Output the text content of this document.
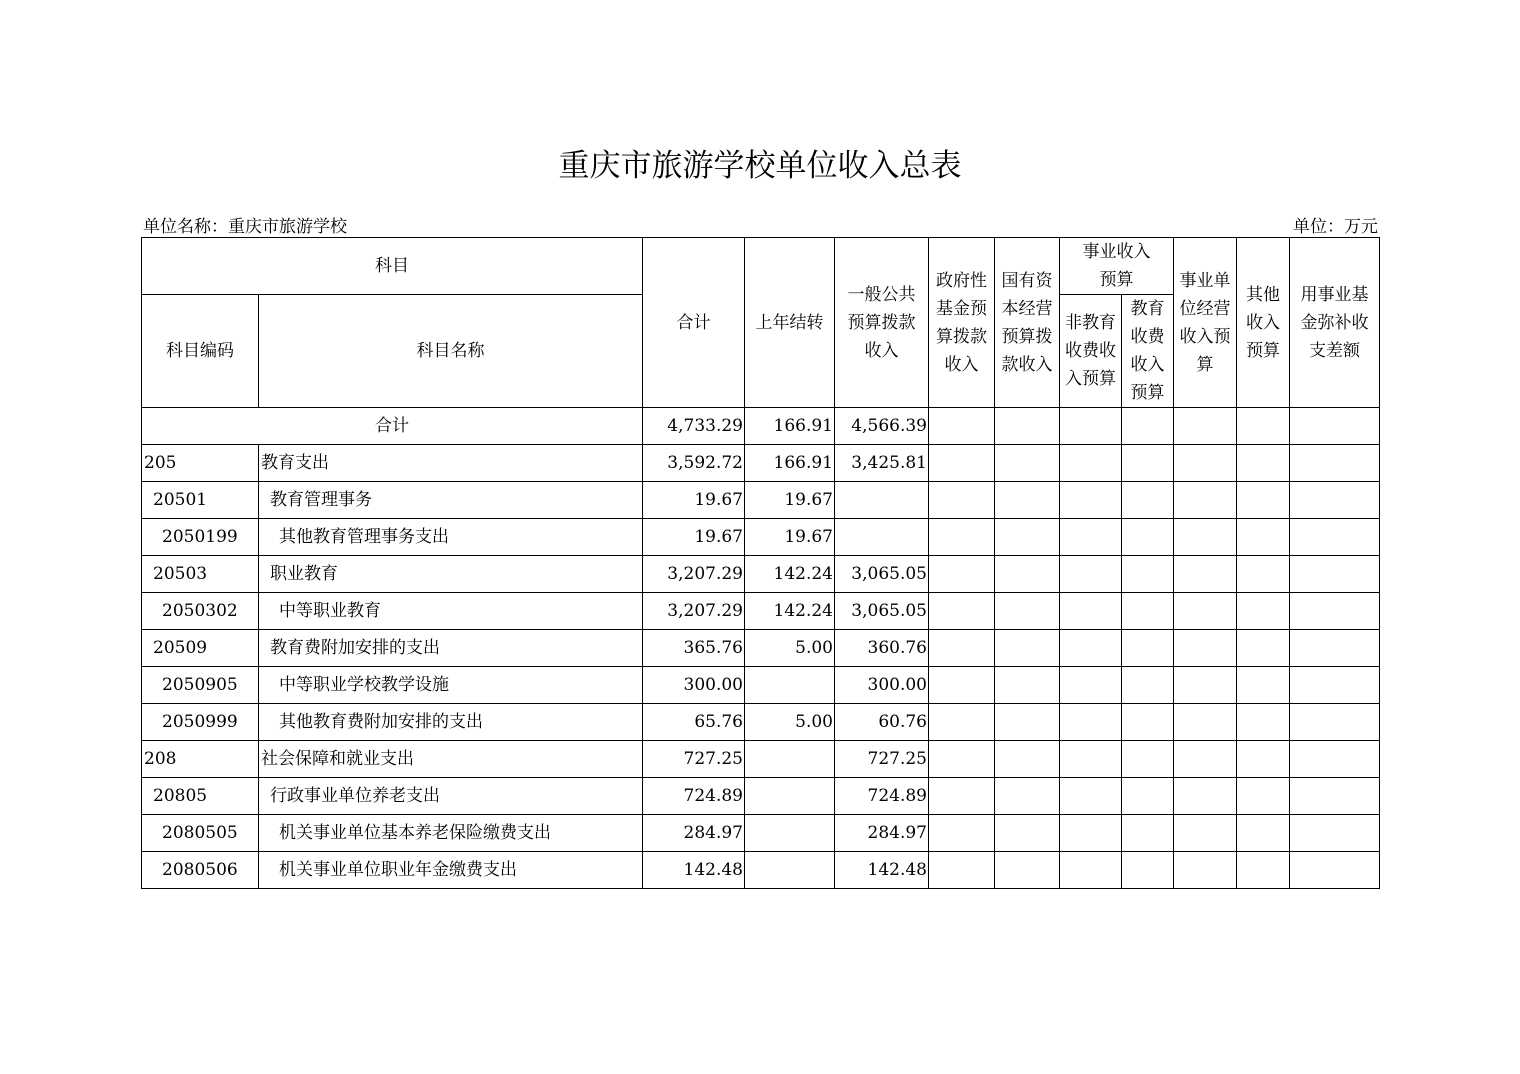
重庆市旅游学校单位收入总表
单位名称：重庆市旅游学校	单位：万元
科目		合计	上年结转	一般公共预算拨款收入	政府性基金预算拨款收入	国有资本经营预算拨款收入	事业收入预算		事业单位经营收入预算	其他收入预算	用事业基金弥补收支差额

科目编码	科目名称						非教育收费收入预算	教育收费收入预算			

合计		4,733.29	166.91	4,566.39							
205	教育支出	3,592.72	166.91	3,425.81							
20501	教育管理事务	19.67	19.67								
2050199	其他教育管理事务支出	19.67	19.67								
20503	职业教育	3,207.29	142.24	3,065.05							
2050302	中等职业教育	3,207.29	142.24	3,065.05							
20509	教育费附加安排的支出	365.76	5.00	360.76							
2050905	中等职业学校教学设施	300.00		300.00							
2050999	其他教育费附加安排的支出	65.76	5.00	60.76							
208	社会保障和就业支出	727.25		727.25							
20805	行政事业单位养老支出	724.89		724.89							
2080505	机关事业单位基本养老保险缴费支出	284.97		284.97							
2080506	机关事业单位职业年金缴费支出	142.48		142.48							
